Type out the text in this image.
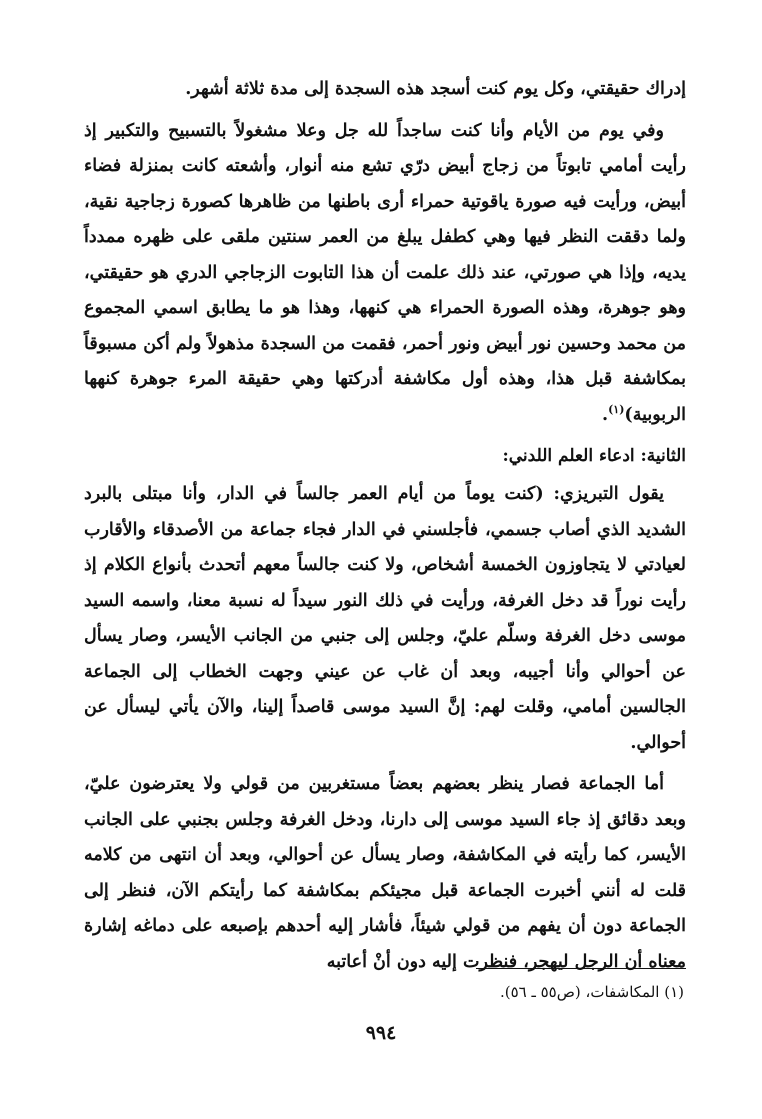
إدراك حقيقتي، وكل يوم كنت أسجد هذه السجدة إلى مدة ثلاثة أشهر.

وفي يوم من الأيام وأنا كنت ساجداً لله جل وعلا مشغولاً بالتسبيح والتكبير إذ رأيت أمامي تابوتاً من زجاج أبيض درّي تشع منه أنوار، وأشعته كانت بمنزلة فضاء أبيض، ورأيت فيه صورة ياقوتية حمراء أرى باطنها من ظاهرها كصورة زجاجية نقية، ولما دققت النظر فيها وهي كطفل يبلغ من العمر سنتين ملقى على ظهره ممدداً يديه، وإذا هي صورتي، عند ذلك علمت أن هذا التابوت الزجاجي الدري هو حقيقتي، وهو جوهرة، وهذه الصورة الحمراء هي كنهها، وهذا هو ما يطابق اسمي المجموع من محمد وحسين نور أبيض ونور أحمر، فقمت من السجدة مذهولاً ولم أكن مسبوقاً بمكاشفة قبل هذا، وهذه أول مكاشفة أدركتها وهي حقيقة المرء جوهرة كنهها الربوبية)$^{(١)}$.

الثانية: ادعاء العلم اللدني:

يقول التبريزي: (كنت يوماً من أيام العمر جالساً في الدار، وأنا مبتلى بالبرد الشديد الذي أصاب جسمي، فأجلسني في الدار فجاء جماعة من الأصدقاء والأقارب لعيادتي لا يتجاوزون الخمسة أشخاص، ولا كنت جالساً معهم أتحدث بأنواع الكلام إذ رأيت نوراً قد دخل الغرفة، ورأيت في ذلك النور سيداً له نسبة معنا، واسمه السيد موسى دخل الغرفة وسلّم عليّ، وجلس إلى جنبي من الجانب الأيسر، وصار يسأل عن أحوالي وأنا أجيبه، وبعد أن غاب عن عيني وجهت الخطاب إلى الجماعة الجالسين أمامي، وقلت لهم: إنَّ السيد موسى قاصداً إلينا، والآن يأتي ليسأل عن أحوالي.

أما الجماعة فصار ينظر بعضهم بعضاً مستغربين من قولي ولا يعترضون عليّ، وبعد دقائق إذ جاء السيد موسى إلى دارنا، ودخل الغرفة وجلس بجنبي على الجانب الأيسر، كما رأيته في المكاشفة، وصار يسأل عن أحوالي، وبعد أن انتهى من كلامه قلت له أنني أخبرت الجماعة قبل مجيئكم بمكاشفة كما رأيتكم الآن، فنظر إلى الجماعة دون أن يفهم من قولي شيئاً، فأشار إليه أحدهم بإصبعه على دماغه إشارة معناه أن الرجل ليهجر، فنظرت إليه دون أنْ أعاتبه

(١) المكاشفات، (ص٥٥ ـ ٥٦).
٩٩٤
